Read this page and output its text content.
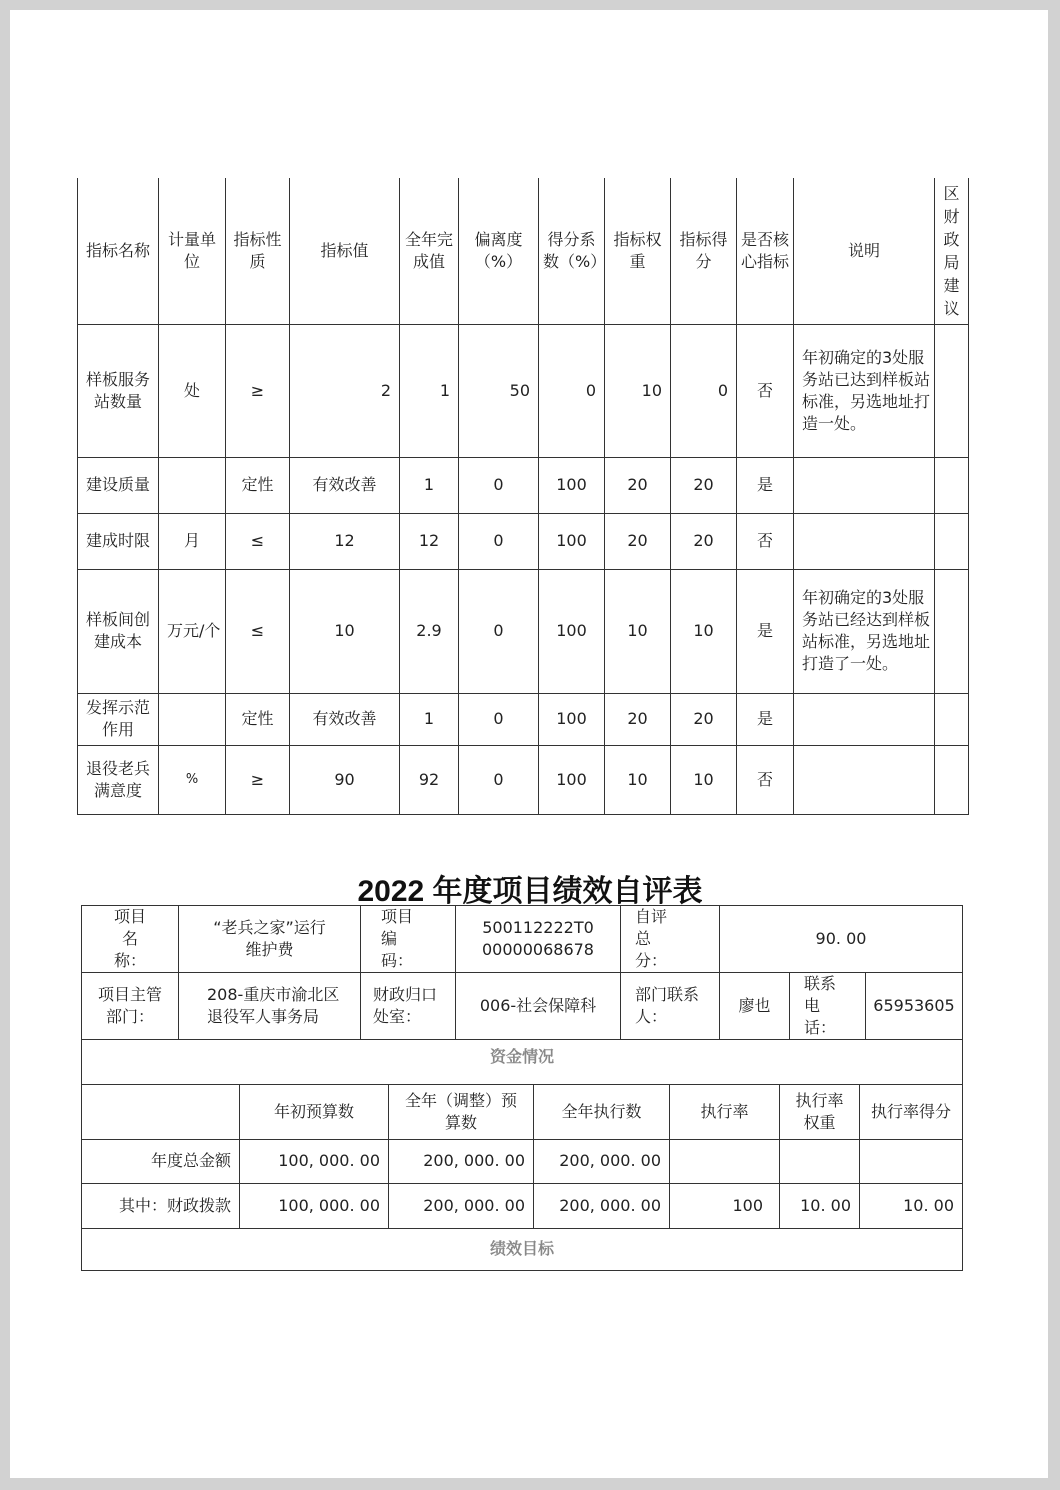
指标名称	计量单位	指标性质	指标值	全年完成值	偏离度（%）	得分系数（%）	指标权重	指标得分	是否核心指标	说明	区财政局建议
样板服务站数量	处	≥	2	1	50	0	10	0	否	年初确定的3处服务站已达到样板站标准，另选地址打造一处。	
建设质量		定性	有效改善	1	0	100	20	20	是		
建成时限	月	≤	12	12	0	100	20	20	否		
样板间创建成本	万元/个	≤	10	2.9	0	100	10	10	是	年初确定的3处服务站已经达到样板站标准，另选地址打造了一处。	
发挥示范作用		定性	有效改善	1	0	100	20	20	是		
退役老兵满意度	%	≥	90	92	0	100	10	10	否		
2022 年度项目绩效自评表
项目名称：	“老兵之家”运行维护费	项目编码：	500112222T000000068678	自评总分：	90. 00		
项目主管部门：	208-重庆市渝北区退役军人事务局	财政归口处室：	006-社会保障科	部门联系人：	廖也	联系电话：	65953605
资金情况						
	年初预算数	全年（调整）预算数	全年执行数	执行率	执行率权重	执行率得分
年度总金额	100, 000. 00	200, 000. 00	200, 000. 00			
其中：财政拨款	100, 000. 00	200, 000. 00	200, 000. 00	100	10. 00	10. 00
绩效目标						
